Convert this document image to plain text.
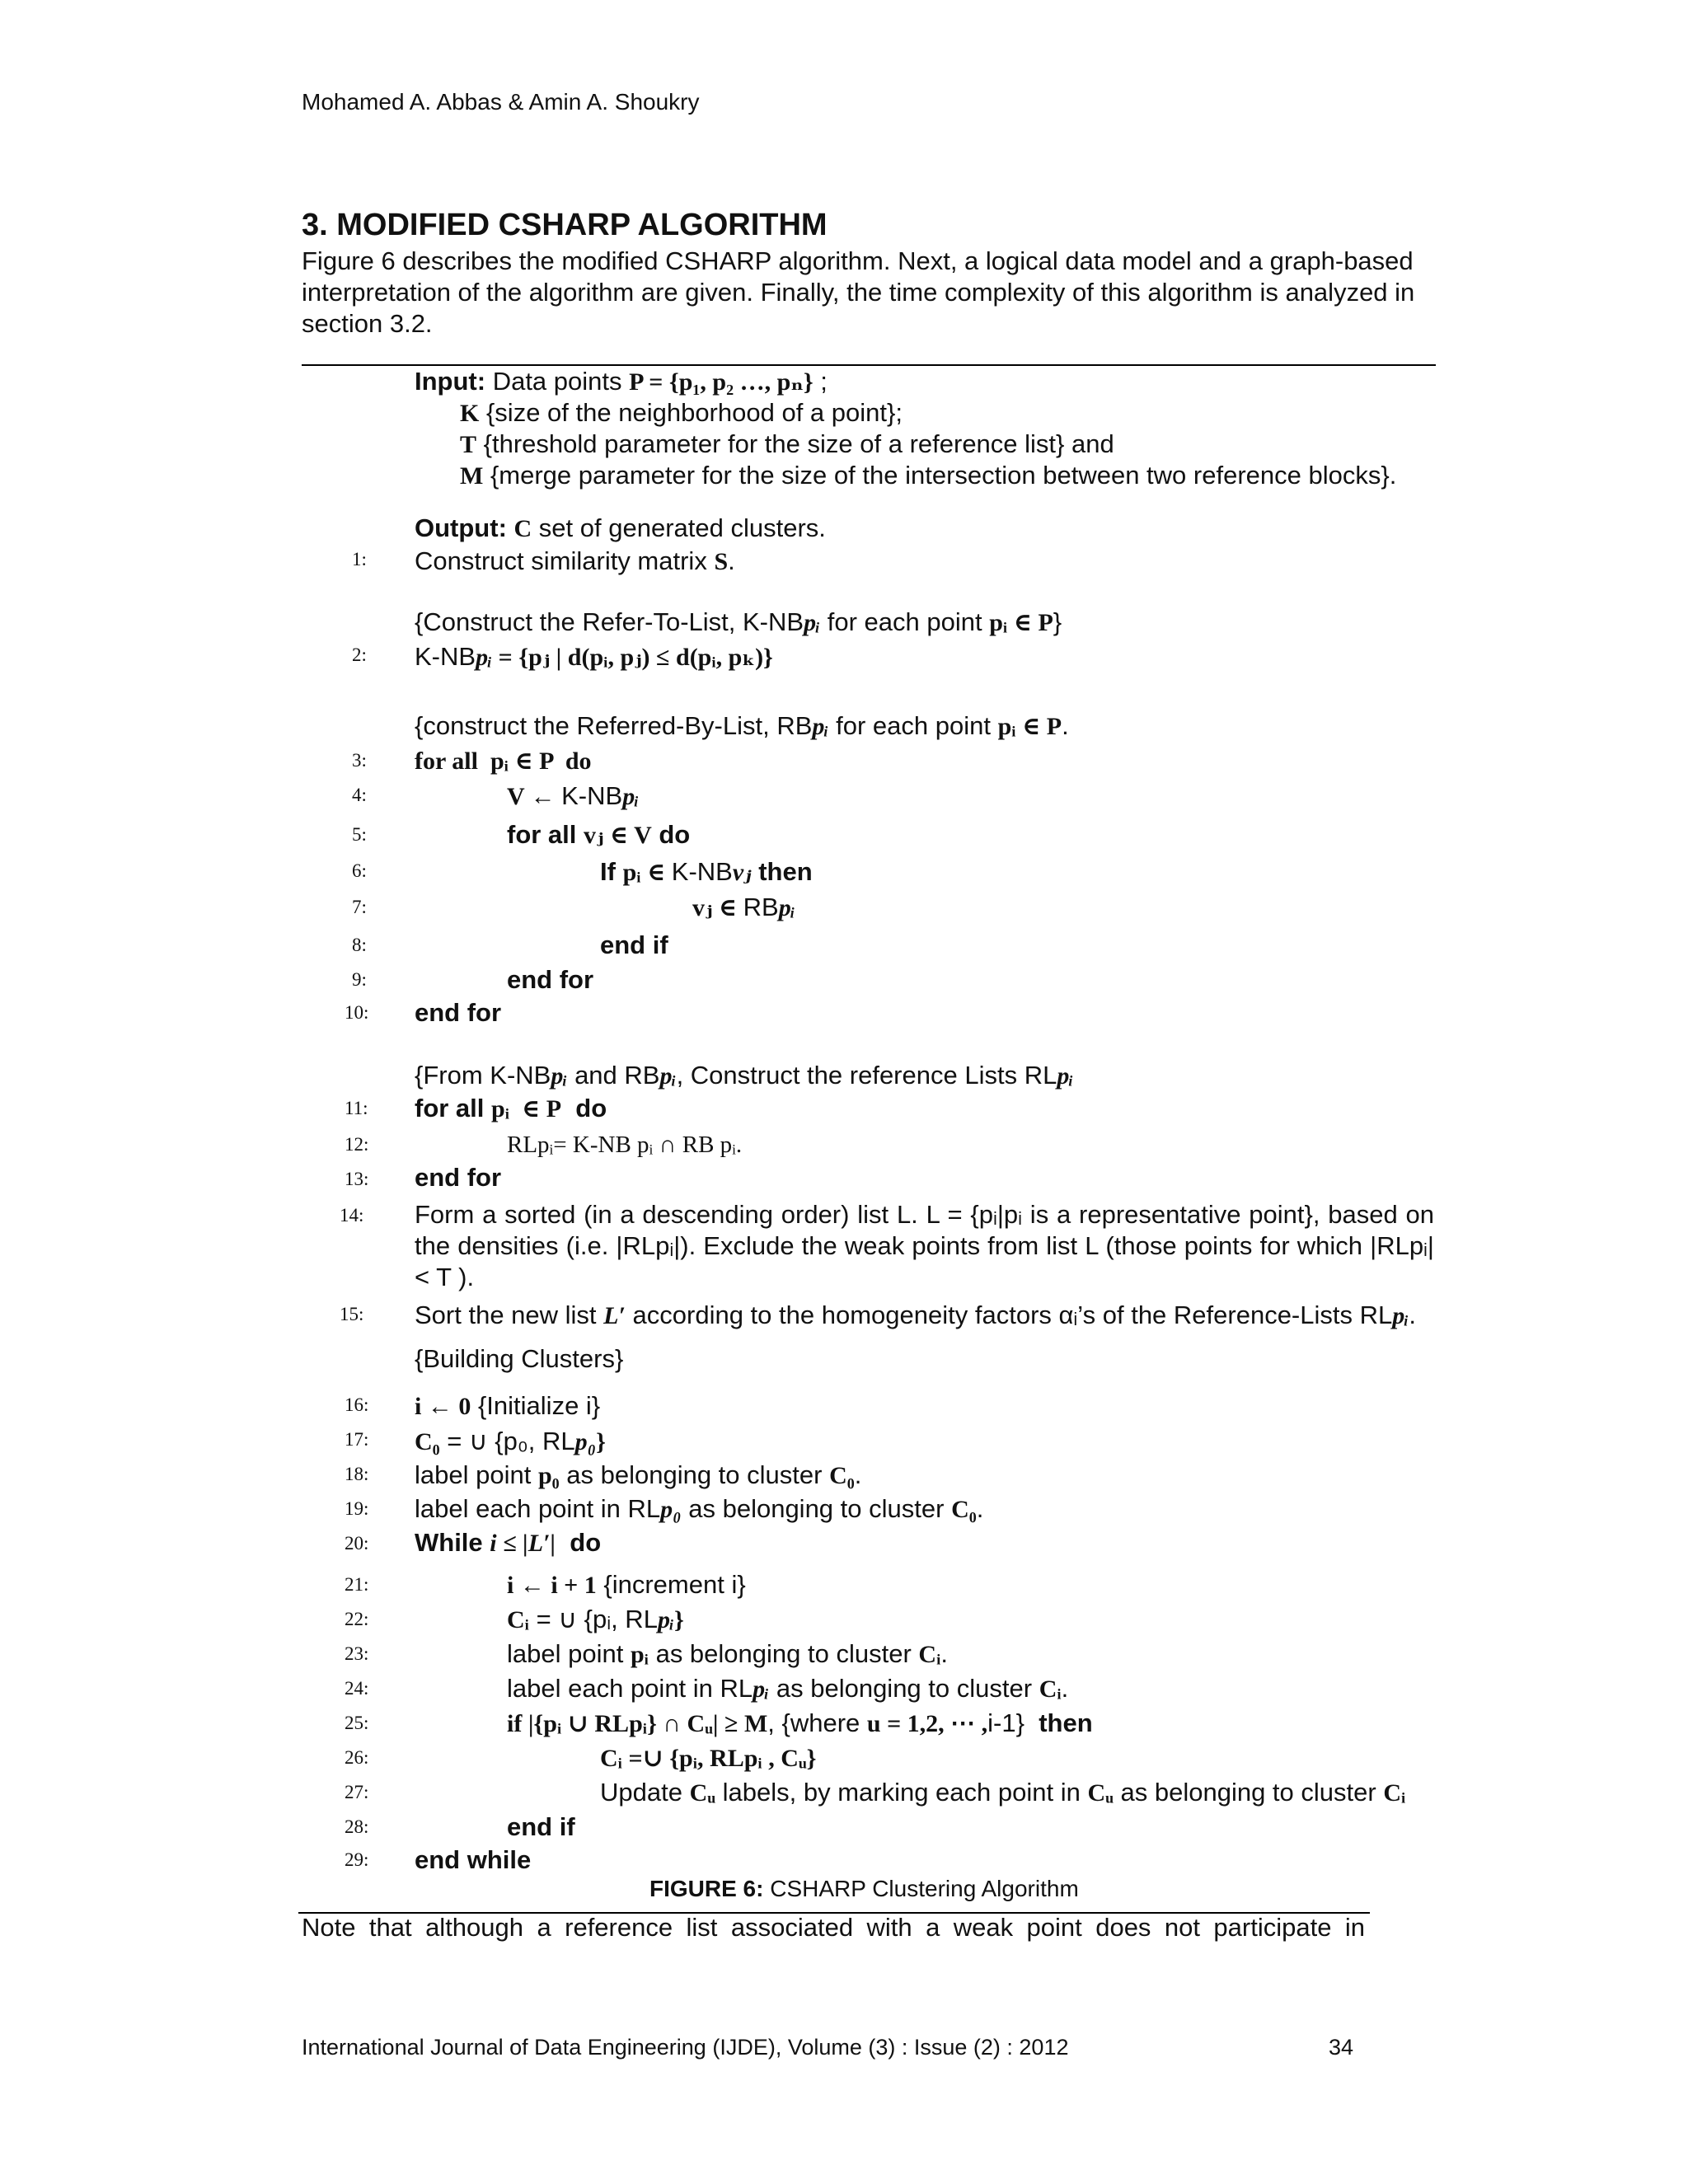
Mohamed A. Abbas & Amin A. Shoukry
3. MODIFIED CSHARP ALGORITHM
Figure 6 describes the modified CSHARP algorithm. Next, a logical data model and a graph-based interpretation of the algorithm are given. Finally, the time complexity of this algorithm is analyzed in section 3.2.
Input: Data points P = {p₁, p₂ …, pₙ} ;
K {size of the neighborhood of a point};
T {threshold parameter for the size of a reference list} and
M {merge parameter for the size of the intersection between two reference blocks}.
Output: C set of generated clusters.
1: Construct similarity matrix S.
{Construct the Refer-To-List, K-NBpᵢ for each point pᵢ ∈ P}
2: K-NBpᵢ = {pⱼ | d(pᵢ, pⱼ) ≤ d(pᵢ, pₖ)}
{construct the Referred-By-List, RBpᵢ for each point pᵢ ∈ P.
3: for all  pᵢ ∈ P  do
4:	V ← K-NBpᵢ
5:	for all vⱼ ∈ V do
6:	If pᵢ ∈ K-NBvⱼ then
7:	vⱼ ∈ RBpᵢ
8:	end if
9:	end for
10: end for
{From K-NBpᵢ and RBpᵢ, Construct the reference Lists RLpᵢ
11: for all pᵢ  ∈ P  do
12:	RLpᵢ= K-NB pᵢ ∩ RB pᵢ.
13: end for
14: Form a sorted (in a descending order) list L. L = {pᵢ|pᵢ is a representative point}, based on the densities (i.e. |RLpᵢ|). Exclude the weak points from list L (those points for which |RLpᵢ| < T ).
15: Sort the new list L′ according to the homogeneity factors αᵢ’s of the Reference-Lists RLpᵢ.
{Building Clusters}
16: i ← 0 {Initialize i}
17: C₀ = ∪ {p₀, RLp₀}
18: label point p₀ as belonging to cluster C₀.
19: label each point in RLp₀ as belonging to cluster C₀.
20: While i ≤ |L′|  do
21:	i ← i + 1 {increment i}
22:	Cᵢ = ∪ {pᵢ, RLpᵢ}
23:	label point pᵢ as belonging to cluster Cᵢ.
24:	label each point in RLpᵢ as belonging to cluster Cᵢ.
25:	if |{pᵢ ∪ RLpᵢ} ∩ Cᵤ| ≥ M, {where u = 1,2, ⋯ ,i-1}  then
26:	Cᵢ =∪ {pᵢ, RLpᵢ , Cᵤ}
27:	Update Cᵤ labels, by marking each point in Cᵤ as belonging to cluster Cᵢ
28:	end if
29: end while
FIGURE 6: CSHARP Clustering Algorithm
Note that although a reference list associated with a weak point does not participate in
International Journal of Data Engineering (IJDE), Volume (3) : Issue (2) : 2012	34
